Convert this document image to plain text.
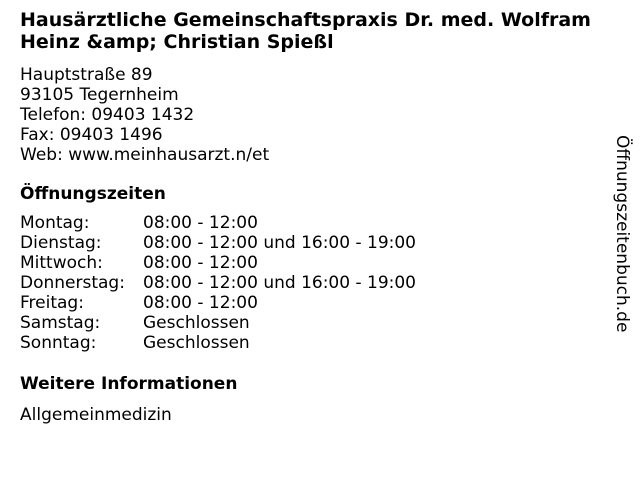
Hausärztliche Gemeinschaftspraxis Dr. med. Wolfram Heinz &amp; Christian Spießl
Hauptstraße 89
93105 Tegernheim
Telefon: 09403 1432
Fax: 09403 1496
Web: www.meinhausarzt.n/et
Öffnungszeiten
Montag:	08:00 - 12:00
Dienstag:	08:00 - 12:00 und 16:00 - 19:00
Mittwoch:	08:00 - 12:00
Donnerstag:	08:00 - 12:00 und 16:00 - 19:00
Freitag:	08:00 - 12:00
Samstag:	Geschlossen
Sonntag:	Geschlossen
Weitere Informationen
Allgemeinmedizin
Öffnungszeitenbuch.de
